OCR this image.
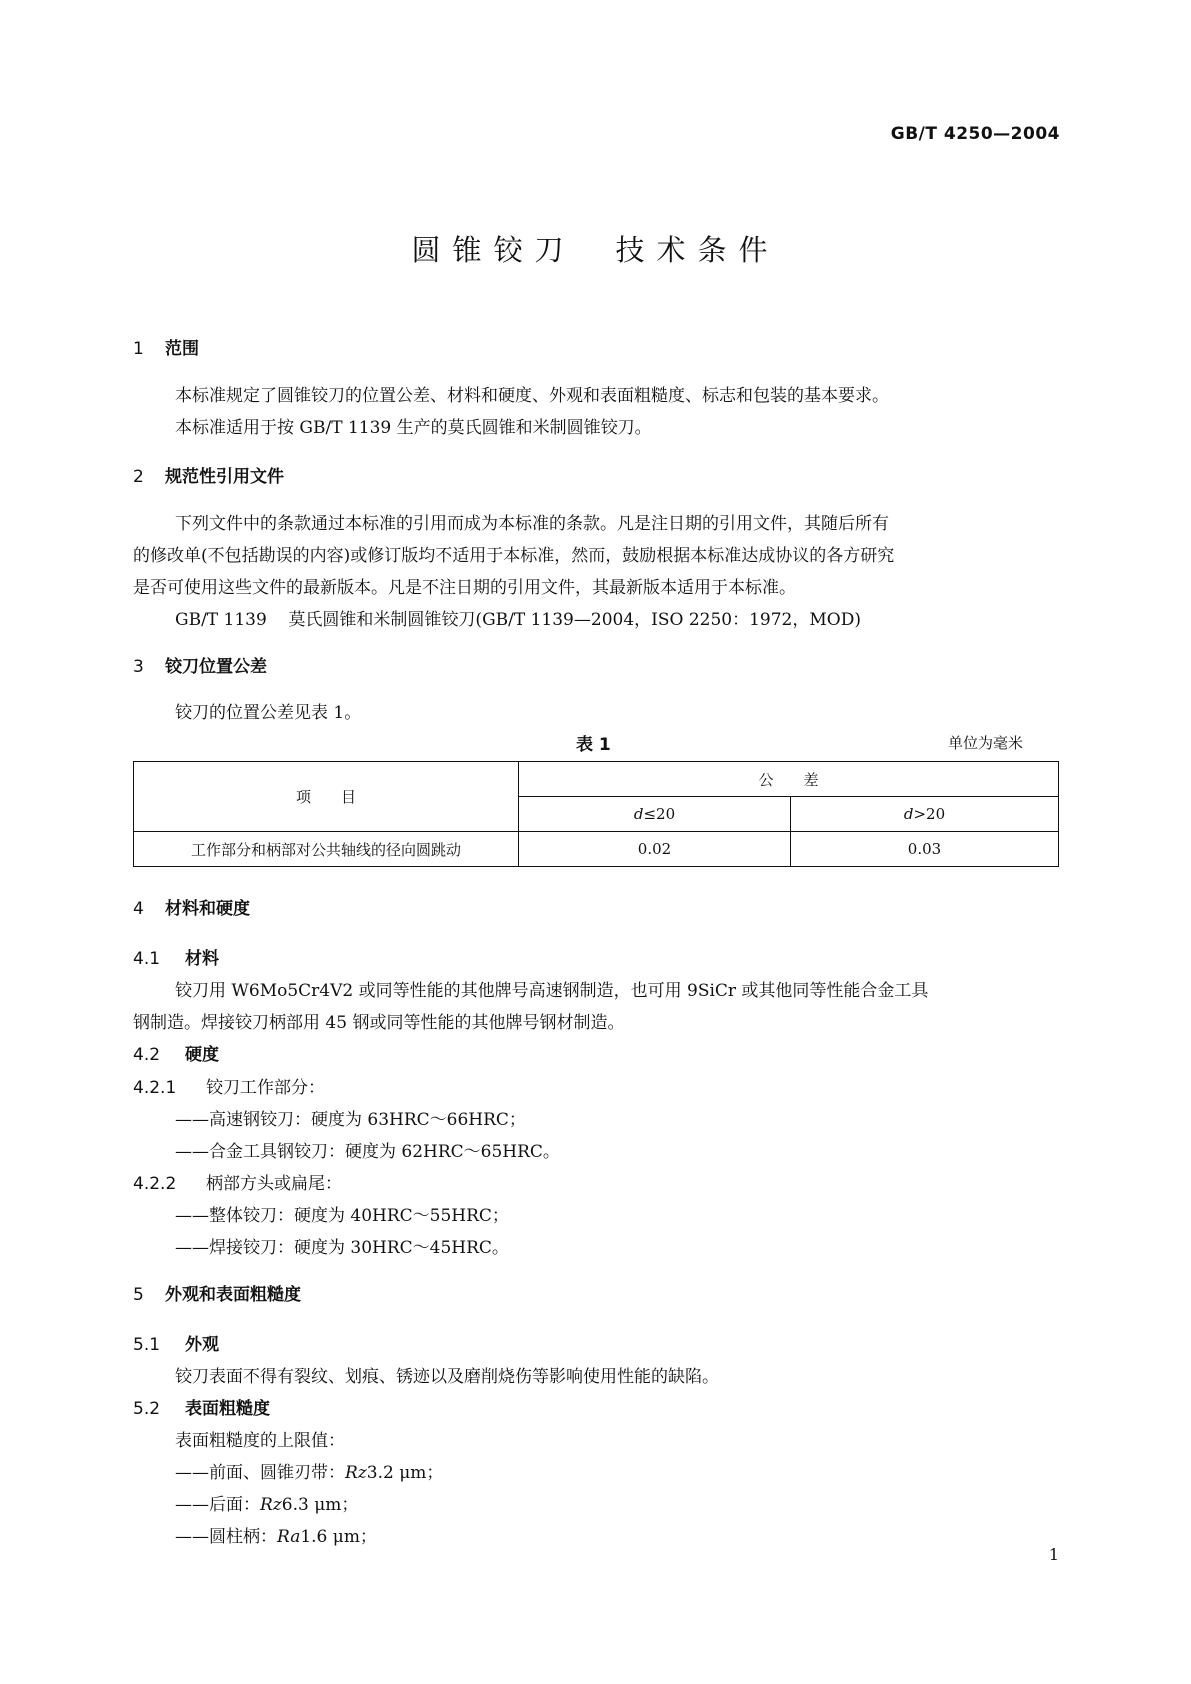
GB/T 4250—2004
圆锥铰刀 技术条件
1 范围
本标准规定了圆锥铰刀的位置公差、材料和硬度、外观和表面粗糙度、标志和包装的基本要求。
本标准适用于按 GB/T 1139 生产的莫氏圆锥和米制圆锥铰刀。
2 规范性引用文件
下列文件中的条款通过本标准的引用而成为本标准的条款。凡是注日期的引用文件，其随后所有
的修改单(不包括勘误的内容)或修订版均不适用于本标准，然而，鼓励根据本标准达成协议的各方研究
是否可使用这些文件的最新版本。凡是不注日期的引用文件，其最新版本适用于本标准。
GB/T 1139 莫氏圆锥和米制圆锥铰刀(GB/T 1139—2004，ISO 2250：1972，MOD)
3 铰刀位置公差
铰刀的位置公差见表 1。
表 1	单位为毫米
项　　目	公　　差	
	d≤20	d>20
工作部分和柄部对公共轴线的径向圆跳动	0.02	0.03
4 材料和硬度
4.1 材料
铰刀用 W6Mo5Cr4V2 或同等性能的其他牌号高速钢制造，也可用 9SiCr 或其他同等性能合金工具
钢制造。焊接铰刀柄部用 45 钢或同等性能的其他牌号钢材制造。
4.2 硬度
4.2.1 铰刀工作部分：
——高速钢铰刀：硬度为 63HRC～66HRC；
——合金工具钢铰刀：硬度为 62HRC～65HRC。
4.2.2 柄部方头或扁尾：
——整体铰刀：硬度为 40HRC～55HRC；
——焊接铰刀：硬度为 30HRC～45HRC。
5 外观和表面粗糙度
5.1 外观
铰刀表面不得有裂纹、划痕、锈迹以及磨削烧伤等影响使用性能的缺陷。
5.2 表面粗糙度
表面粗糙度的上限值：
——前面、圆锥刃带：Rz3.2 μm；
——后面：Rz6.3 μm；
——圆柱柄：Ra1.6 μm；
1
